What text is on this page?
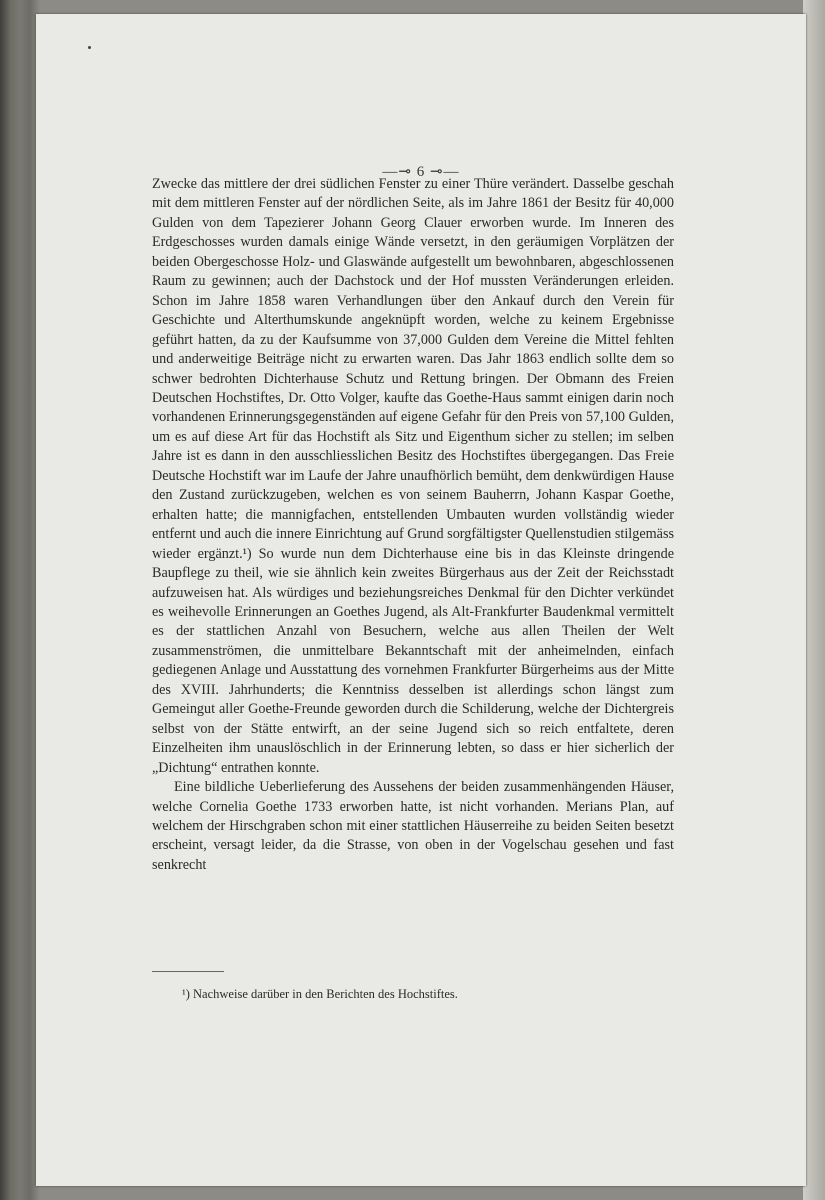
—⊸ 6 ⊸—

Zwecke das mittlere der drei südlichen Fenster zu einer Thüre verändert. Dasselbe geschah mit dem mittleren Fenster auf der nördlichen Seite, als im Jahre 1861 der Besitz für 40,000 Gulden von dem Tapezierer Johann Georg Clauer erworben wurde. Im Inneren des Erdgeschosses wurden damals einige Wände versetzt, in den geräumigen Vorplätzen der beiden Obergeschosse Holz- und Glaswände aufgestellt um bewohnbaren, abgeschlossenen Raum zu gewinnen; auch der Dachstock und der Hof mussten Veränderungen erleiden. Schon im Jahre 1858 waren Verhandlungen über den Ankauf durch den Verein für Geschichte und Alterthumskunde angeknüpft worden, welche zu keinem Ergebnisse geführt hatten, da zu der Kaufsumme von 37,000 Gulden dem Vereine die Mittel fehlten und anderweitige Beiträge nicht zu erwarten waren. Das Jahr 1863 endlich sollte dem so schwer bedrohten Dichterhause Schutz und Rettung bringen. Der Obmann des Freien Deutschen Hochstiftes, Dr. Otto Volger, kaufte das Goethe-Haus sammt einigen darin noch vorhandenen Erinnerungsgegenständen auf eigene Gefahr für den Preis von 57,100 Gulden, um es auf diese Art für das Hochstift als Sitz und Eigenthum sicher zu stellen; im selben Jahre ist es dann in den ausschliesslichen Besitz des Hochstiftes übergegangen. Das Freie Deutsche Hochstift war im Laufe der Jahre unaufhörlich bemüht, dem denkwürdigen Hause den Zustand zurückzugeben, welchen es von seinem Bauherrn, Johann Kaspar Goethe, erhalten hatte; die mannigfachen, entstellenden Umbauten wurden vollständig wieder entfernt und auch die innere Einrichtung auf Grund sorgfältigster Quellenstudien stilgemäss wieder ergänzt.¹) So wurde nun dem Dichterhause eine bis in das Kleinste dringende Baupflege zu theil, wie sie ähnlich kein zweites Bürgerhaus aus der Zeit der Reichsstadt aufzuweisen hat. Als würdiges und beziehungsreiches Denkmal für den Dichter verkündet es weihevolle Erinnerungen an Goethes Jugend, als Alt-Frankfurter Baudenkmal vermittelt es der stattlichen Anzahl von Besuchern, welche aus allen Theilen der Welt zusammenströmen, die unmittelbare Bekanntschaft mit der anheimelnden, einfach gediegenen Anlage und Ausstattung des vornehmen Frankfurter Bürgerheims aus der Mitte des XVIII. Jahrhunderts; die Kenntniss desselben ist allerdings schon längst zum Gemeingut aller Goethe-Freunde geworden durch die Schilderung, welche der Dichtergreis selbst von der Stätte entwirft, an der seine Jugend sich so reich entfaltete, deren Einzelheiten ihm unauslöschlich in der Erinnerung lebten, so dass er hier sicherlich der „Dichtung“ entrathen konnte.

Eine bildliche Ueberlieferung des Aussehens der beiden zusammenhängenden Häuser, welche Cornelia Goethe 1733 erworben hatte, ist nicht vorhanden. Merians Plan, auf welchem der Hirschgraben schon mit einer stattlichen Häuserreihe zu beiden Seiten besetzt erscheint, versagt leider, da die Strasse, von oben in der Vogelschau gesehen und fast senkrecht

¹) Nachweise darüber in den Berichten des Hochstiftes.
